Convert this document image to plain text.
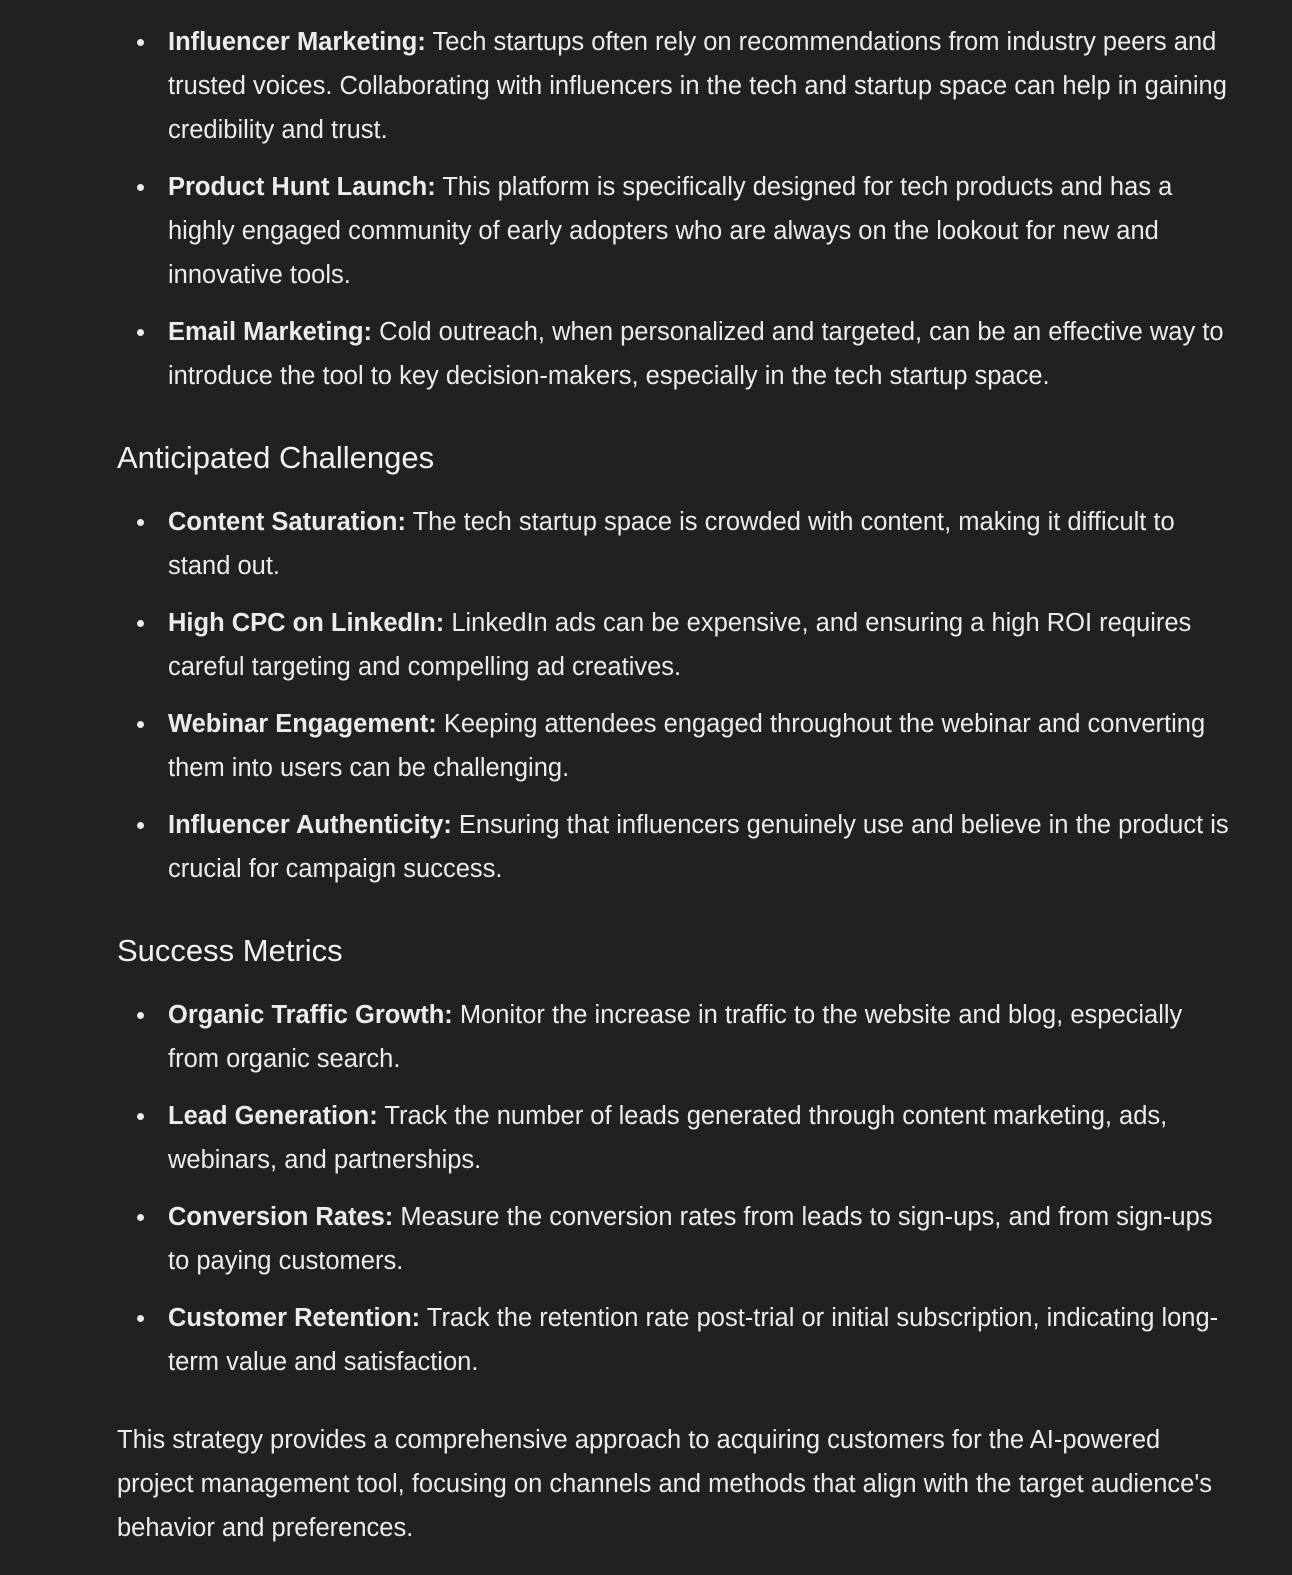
Influencer Marketing: Tech startups often rely on recommendations from industry peers and trusted voices. Collaborating with influencers in the tech and startup space can help in gaining credibility and trust.
Product Hunt Launch: This platform is specifically designed for tech products and has a highly engaged community of early adopters who are always on the lookout for new and innovative tools.
Email Marketing: Cold outreach, when personalized and targeted, can be an effective way to introduce the tool to key decision-makers, especially in the tech startup space.
Anticipated Challenges
Content Saturation: The tech startup space is crowded with content, making it difficult to stand out.
High CPC on LinkedIn: LinkedIn ads can be expensive, and ensuring a high ROI requires careful targeting and compelling ad creatives.
Webinar Engagement: Keeping attendees engaged throughout the webinar and converting them into users can be challenging.
Influencer Authenticity: Ensuring that influencers genuinely use and believe in the product is crucial for campaign success.
Success Metrics
Organic Traffic Growth: Monitor the increase in traffic to the website and blog, especially from organic search.
Lead Generation: Track the number of leads generated through content marketing, ads, webinars, and partnerships.
Conversion Rates: Measure the conversion rates from leads to sign-ups, and from sign-ups to paying customers.
Customer Retention: Track the retention rate post-trial or initial subscription, indicating long-term value and satisfaction.

This strategy provides a comprehensive approach to acquiring customers for the AI-powered project management tool, focusing on channels and methods that align with the target audience's behavior and preferences.
